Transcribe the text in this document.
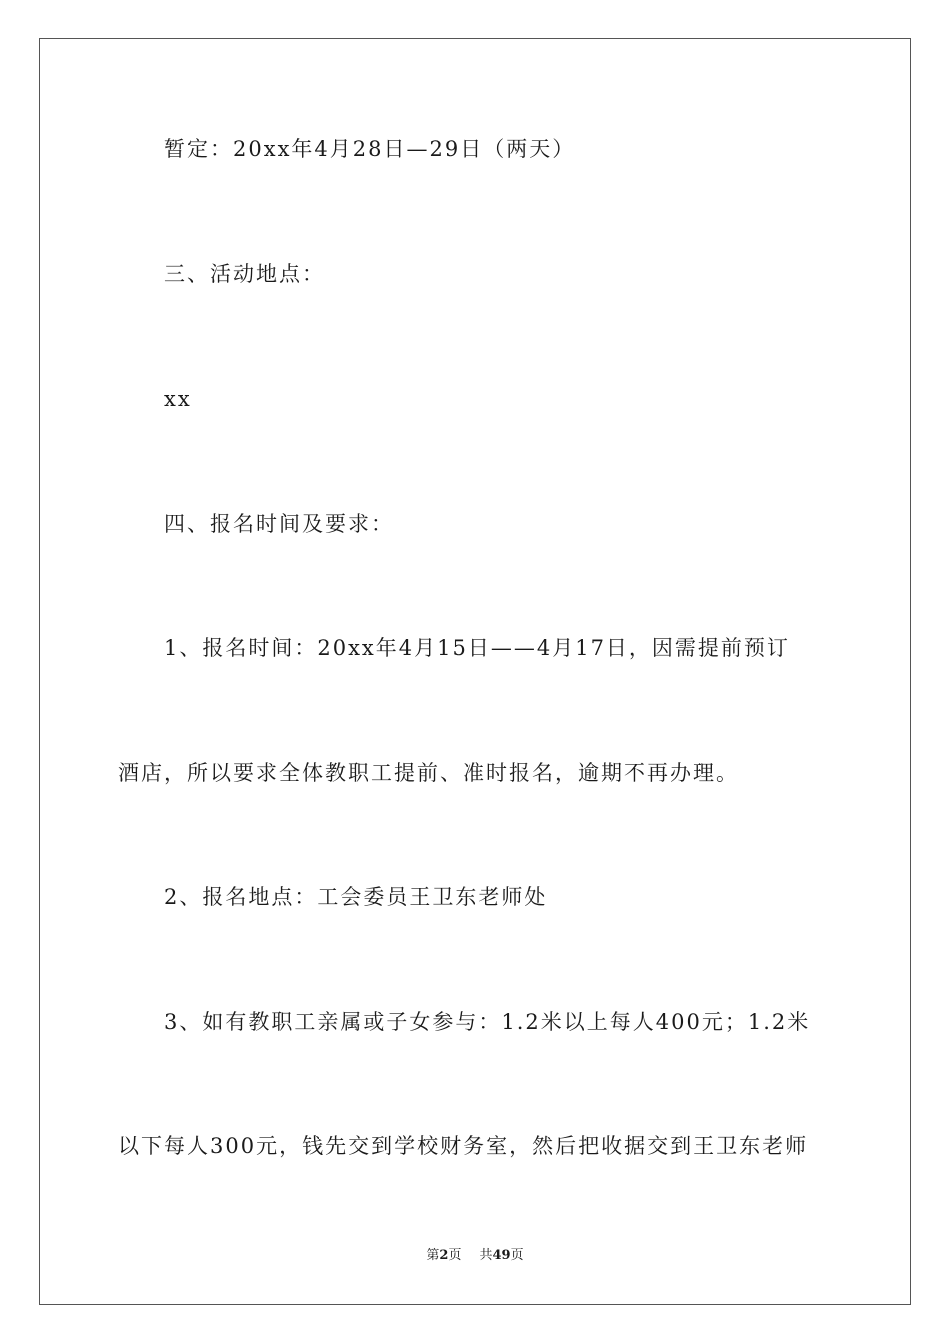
暂定：20xx年4月28日—29日（两天）
三、活动地点：
xx
四、报名时间及要求：
1、报名时间：20xx年4月15日——4月17日，因需提前预订
酒店，所以要求全体教职工提前、准时报名，逾期不再办理。
2、报名地点：工会委员王卫东老师处
3、如有教职工亲属或子女参与：1.2米以上每人400元；1.2米
以下每人300元，钱先交到学校财务室，然后把收据交到王卫东老师
第2页 共49页
